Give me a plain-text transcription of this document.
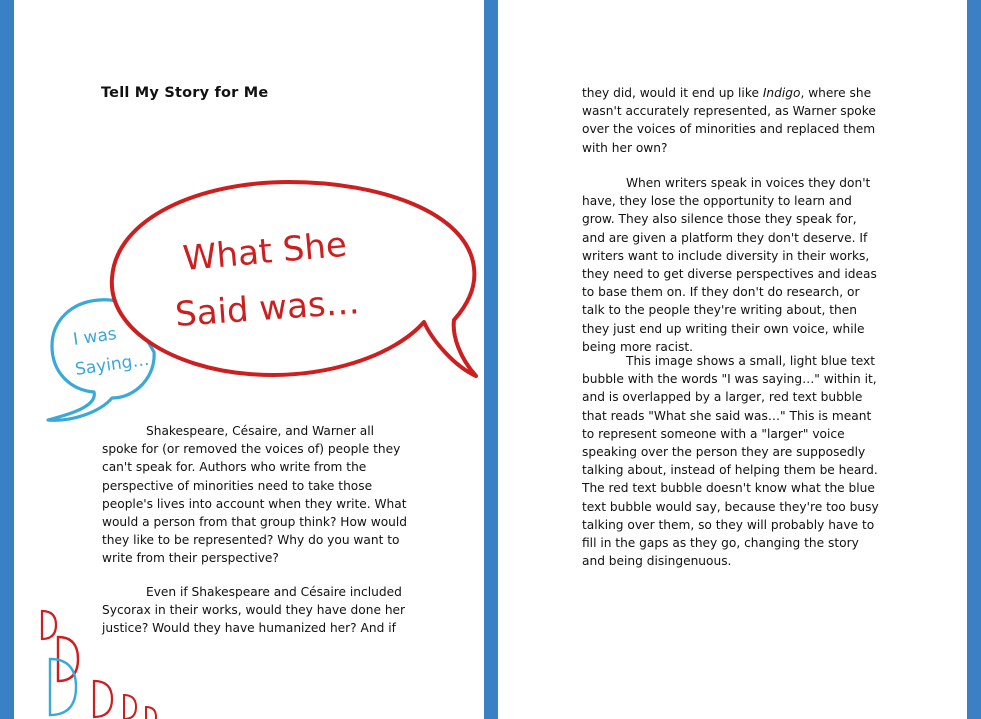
Tell My Story for Me
I was
Saying…
What She
Said was…
Shakespeare, Césaire, and Warner all spoke for (or removed the voices of) people they can't speak for. Authors who write from the perspective of minorities need to take those people's lives into account when they write. What would a person from that group think? How would they like to be represented? Why do you want to write from their perspective?
Even if Shakespeare and Césaire included Sycorax in their works, would they have done her justice? Would they have humanized her? And if
they did, would it end up like Indigo, where she wasn't accurately represented, as Warner spoke over the voices of minorities and replaced them with her own?
When writers speak in voices they don't have, they lose the opportunity to learn and grow. They also silence those they speak for, and are given a platform they don't deserve. If writers want to include diversity in their works, they need to get diverse perspectives and ideas to base them on. If they don't do research, or talk to the people they're writing about, then they just end up writing their own voice, while being more racist.
This image shows a small, light blue text bubble with the words "I was saying…" within it, and is overlapped by a larger, red text bubble that reads "What she said was…" This is meant to represent someone with a "larger" voice speaking over the person they are supposedly talking about, instead of helping them be heard. The red text bubble doesn't know what the blue text bubble would say, because they're too busy talking over them, so they will probably have to fill in the gaps as they go, changing the story and being disingenuous.
